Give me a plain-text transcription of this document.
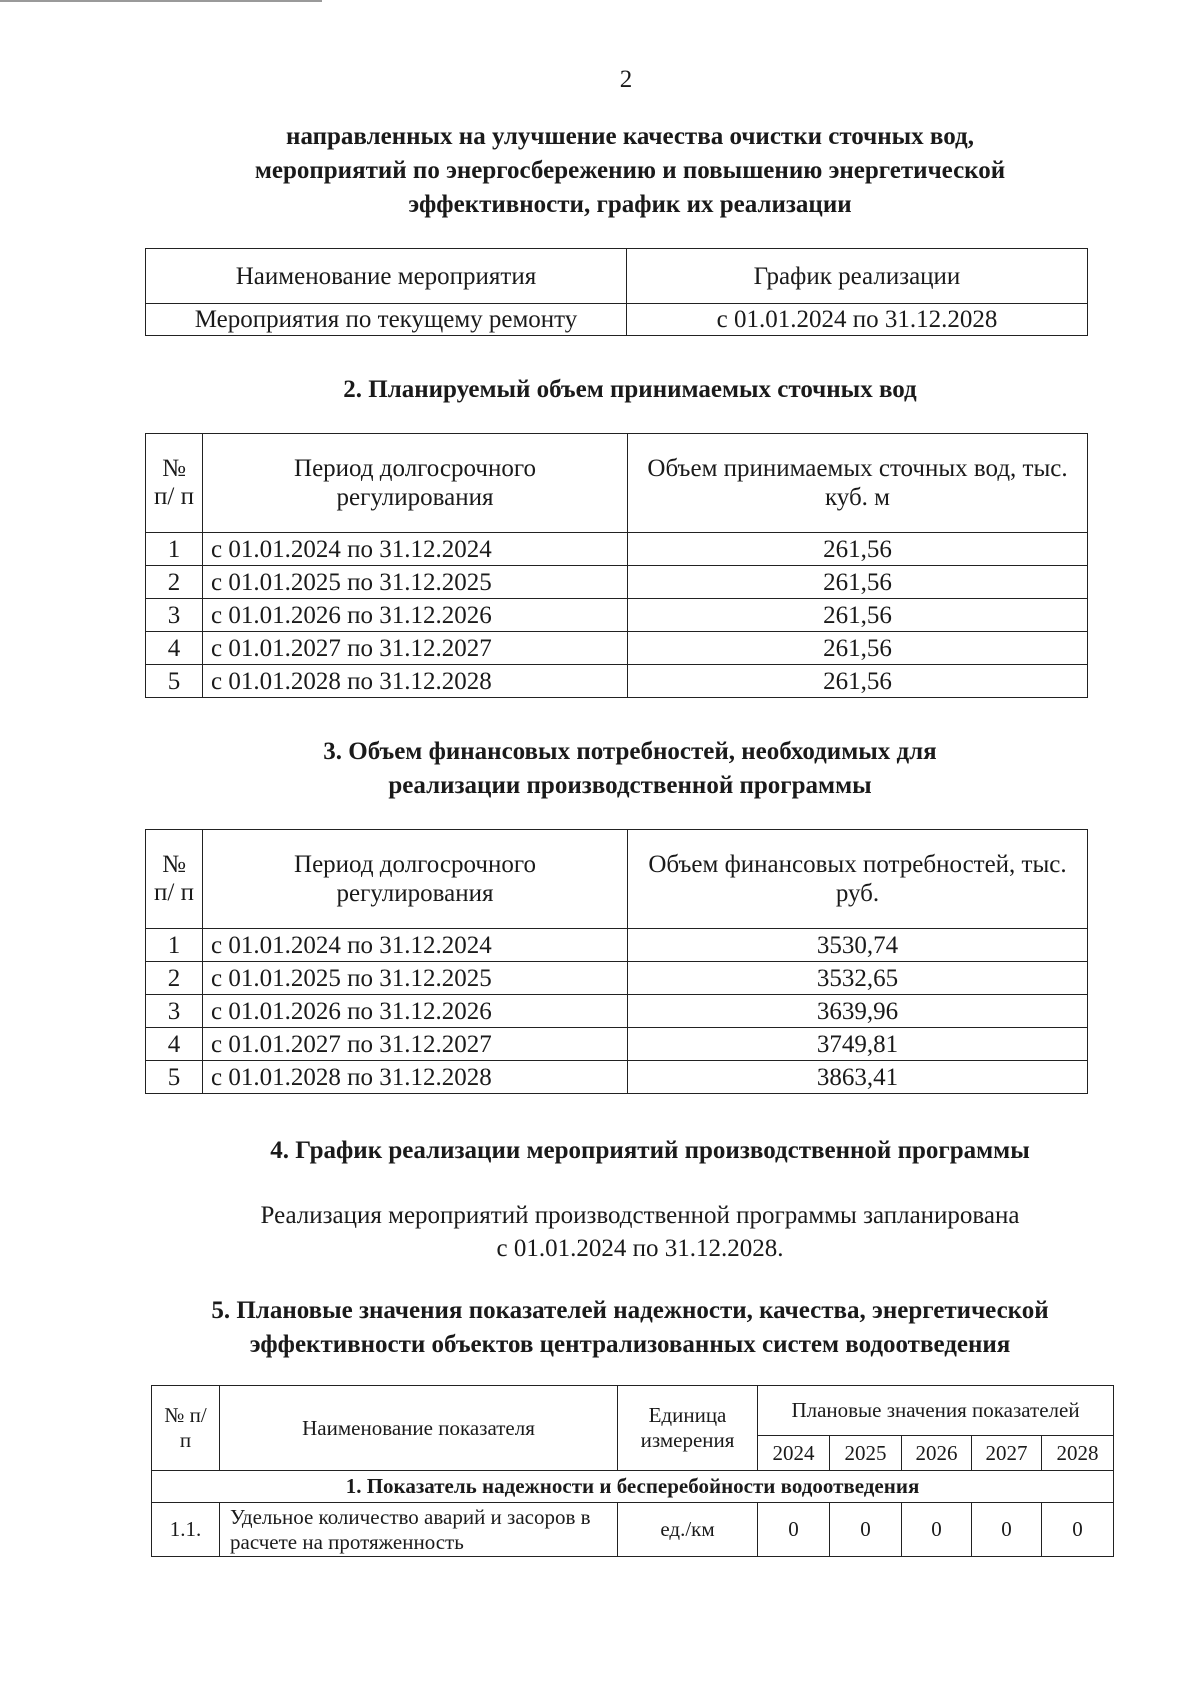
2
направленных на улучшение качества очистки сточных вод,
мероприятий по энергосбережению и повышению энергетической
эффективности, график их реализации
Наименование мероприятия	График реализации
Мероприятия по текущему ремонту	с 01.01.2024 по 31.12.2028
2. Планируемый объем принимаемых сточных вод
№ п/ п	Период долгосрочного регулирования	Объем принимаемых сточных вод, тыс. куб. м
1	с 01.01.2024 по 31.12.2024	261,56
2	с 01.01.2025 по 31.12.2025	261,56
3	с 01.01.2026 по 31.12.2026	261,56
4	с 01.01.2027 по 31.12.2027	261,56
5	с 01.01.2028 по 31.12.2028	261,56
3. Объем финансовых потребностей, необходимых для
реализации производственной программы
№ п/ п	Период долгосрочного регулирования	Объем финансовых потребностей, тыс. руб.
1	с 01.01.2024 по 31.12.2024	3530,74
2	с 01.01.2025 по 31.12.2025	3532,65
3	с 01.01.2026 по 31.12.2026	3639,96
4	с 01.01.2027 по 31.12.2027	3749,81
5	с 01.01.2028 по 31.12.2028	3863,41
4. График реализации мероприятий производственной программы
Реализация мероприятий производственной программы запланирована
с 01.01.2024 по 31.12.2028.
5. Плановые значения показателей надежности, качества, энергетической
эффективности объектов централизованных систем водоотведения
№ п/п	Наименование показателя	Единица измерения	Плановые значения показателей				
			2024	2025	2026	2027	2028
1. Показатель надежности и бесперебойности водоотведения							
1.1.	Удельное количество аварий и засоров в расчете на протяженность	ед./км	0	0	0	0	0
